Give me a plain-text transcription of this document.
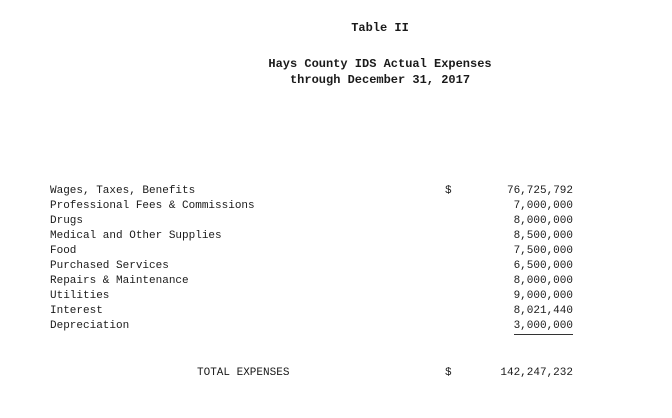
Table II
Hays County IDS Actual Expenses
through December 31, 2017
$
Wages, Taxes, Benefits
Professional Fees & Commissions
Drugs
Medical and Other Supplies
Food
Purchased Services
Repairs & Maintenance
Utilities
Interest
Depreciation
76,725,792
7,000,000
8,000,000
8,500,000
7,500,000
6,500,000
8,000,000
9,000,000
8,021,440
3,000,000
TOTAL EXPENSES	$	142,247,232
